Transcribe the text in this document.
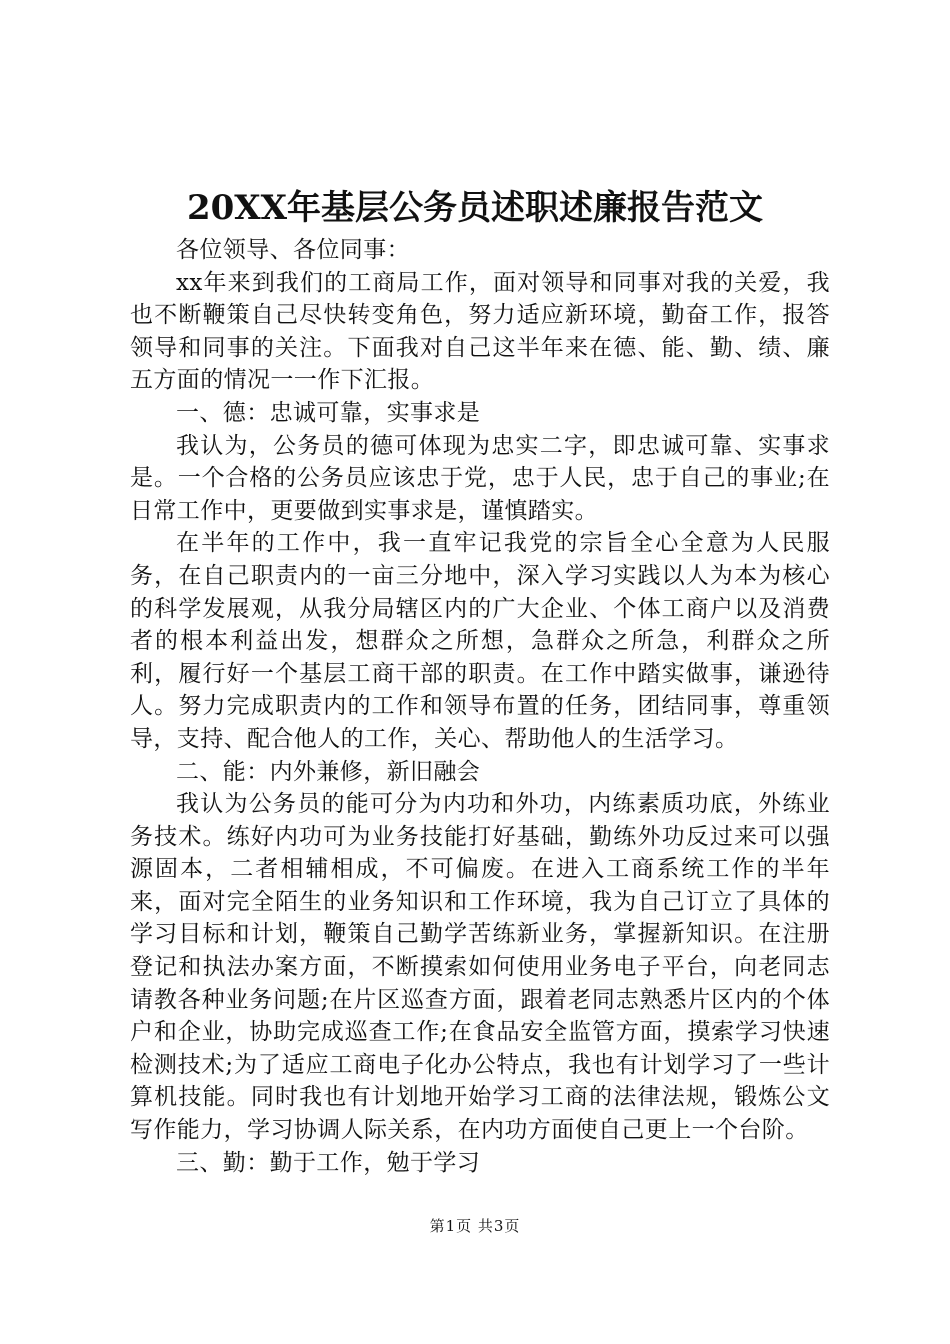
20XX年基层公务员述职述廉报告范文

各位领导、各位同事：

xx年来到我们的工商局工作，面对领导和同事对我的关爱，我也不断鞭策自己尽快转变角色，努力适应新环境，勤奋工作，报答领导和同事的关注。下面我对自己这半年来在德、能、勤、绩、廉五方面的情况一一作下汇报。

一、德：忠诚可靠，实事求是

我认为，公务员的德可体现为忠实二字，即忠诚可靠、实事求是。一个合格的公务员应该忠于党，忠于人民，忠于自己的事业;在日常工作中，更要做到实事求是，谨慎踏实。

在半年的工作中，我一直牢记我党的宗旨全心全意为人民服务，在自己职责内的一亩三分地中，深入学习实践以人为本为核心的科学发展观，从我分局辖区内的广大企业、个体工商户以及消费者的根本利益出发，想群众之所想，急群众之所急，利群众之所利，履行好一个基层工商干部的职责。在工作中踏实做事，谦逊待人。努力完成职责内的工作和领导布置的任务，团结同事，尊重领导，支持、配合他人的工作，关心、帮助他人的生活学习。

二、能：内外兼修，新旧融会

我认为公务员的能可分为内功和外功，内练素质功底，外练业务技术。练好内功可为业务技能打好基础，勤练外功反过来可以强源固本，二者相辅相成，不可偏废。在进入工商系统工作的半年来，面对完全陌生的业务知识和工作环境，我为自己订立了具体的学习目标和计划，鞭策自己勤学苦练新业务，掌握新知识。在注册登记和执法办案方面，不断摸索如何使用业务电子平台，向老同志请教各种业务问题;在片区巡查方面，跟着老同志熟悉片区内的个体户和企业，协助完成巡查工作;在食品安全监管方面，摸索学习快速检测技术;为了适应工商电子化办公特点，我也有计划学习了一些计算机技能。同时我也有计划地开始学习工商的法律法规，锻炼公文写作能力，学习协调人际关系，在内功方面使自己更上一个台阶。

三、勤：勤于工作，勉于学习

第1页 共3页
